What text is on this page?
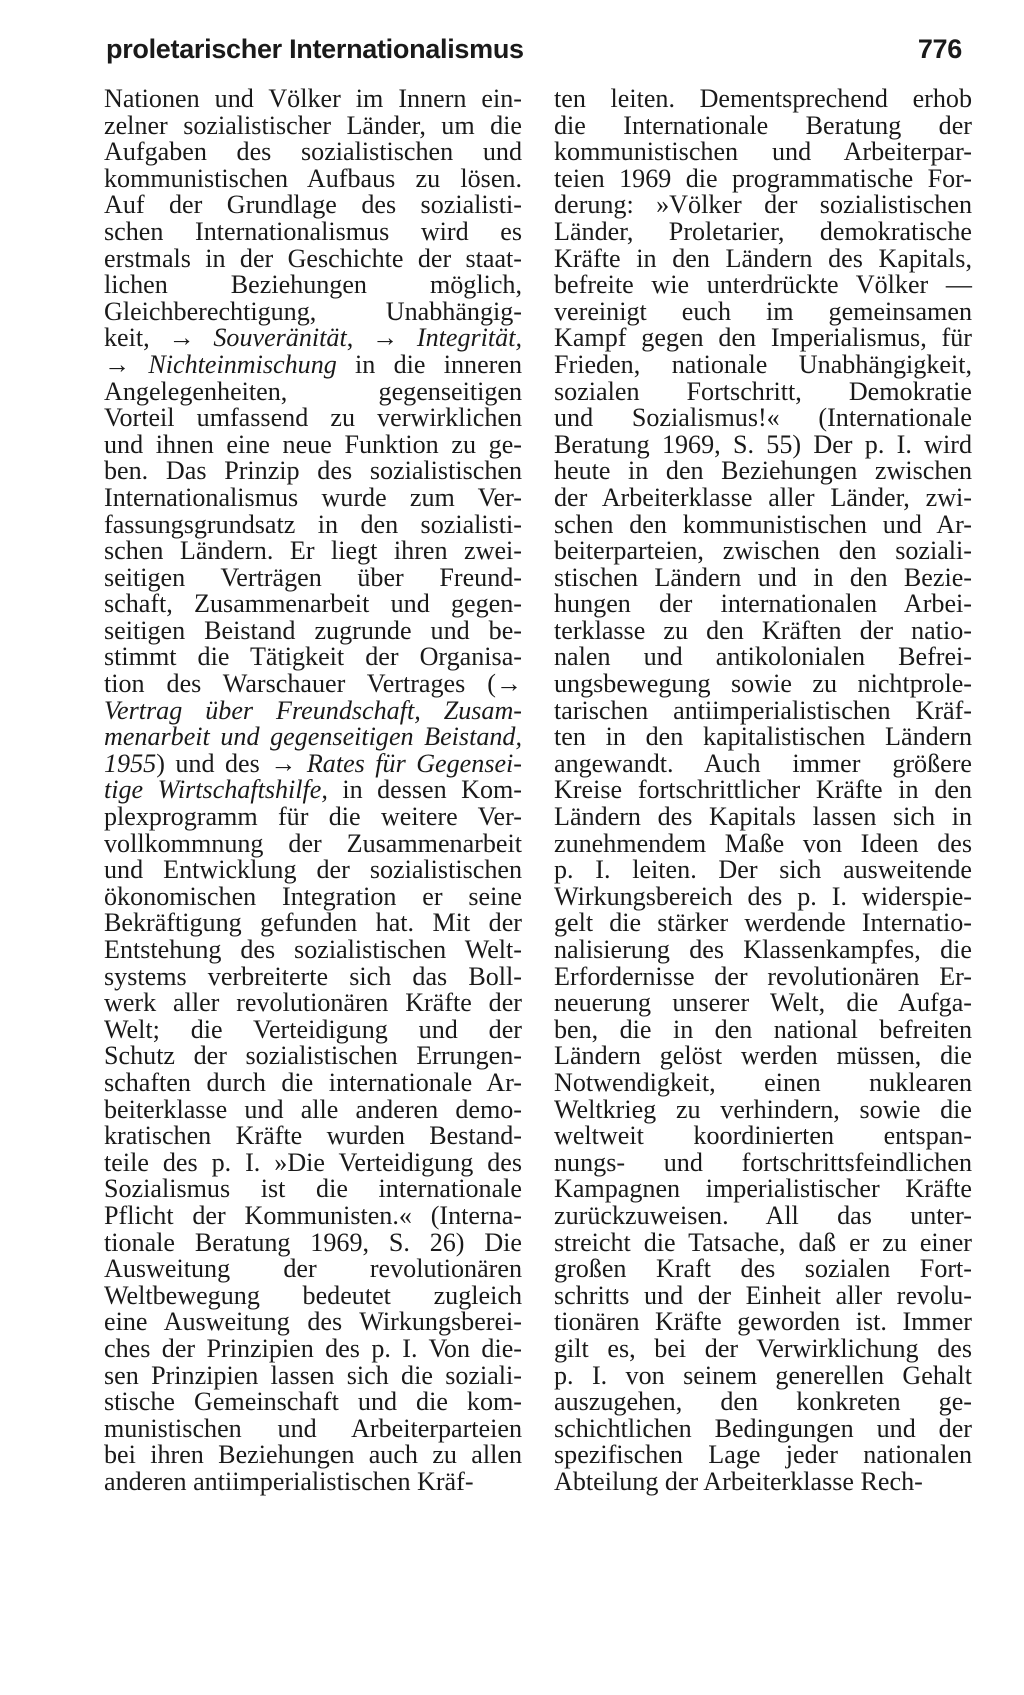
proletarischer Internationalismus	776
Nationen und Völker im Innern ein-
zelner sozialistischer Länder, um die
Aufgaben des sozialistischen und
kommunistischen Aufbaus zu lösen.
Auf der Grundlage des sozialisti-
schen Internationalismus wird es
erstmals in der Geschichte der staat-
lichen Beziehungen möglich,
Gleichberechtigung, Unabhängig-
keit, → Souveränität, → Integrität,
→ Nichteinmischung in die inneren
Angelegenheiten, gegenseitigen
Vorteil umfassend zu verwirklichen
und ihnen eine neue Funktion zu ge-
ben. Das Prinzip des sozialistischen
Internationalismus wurde zum Ver-
fassungsgrundsatz in den sozialisti-
schen Ländern. Er liegt ihren zwei-
seitigen Verträgen über Freund-
schaft, Zusammenarbeit und gegen-
seitigen Beistand zugrunde und be-
stimmt die Tätigkeit der Organisa-
tion des Warschauer Vertrages (→
Vertrag über Freundschaft, Zusam-
menarbeit und gegenseitigen Beistand,
1955) und des → Rates für Gegensei-
tige Wirtschaftshilfe, in dessen Kom-
plexprogramm für die weitere Ver-
vollkommnung der Zusammenarbeit
und Entwicklung der sozialistischen
ökonomischen Integration er seine
Bekräftigung gefunden hat. Mit der
Entstehung des sozialistischen Welt-
systems verbreiterte sich das Boll-
werk aller revolutionären Kräfte der
Welt; die Verteidigung und der
Schutz der sozialistischen Errungen-
schaften durch die internationale Ar-
beiterklasse und alle anderen demo-
kratischen Kräfte wurden Bestand-
teile des p. I. »Die Verteidigung des
Sozialismus ist die internationale
Pflicht der Kommunisten.« (Interna-
tionale Beratung 1969, S. 26) Die
Ausweitung der revolutionären
Weltbewegung bedeutet zugleich
eine Ausweitung des Wirkungsberei-
ches der Prinzipien des p. I. Von die-
sen Prinzipien lassen sich die soziali-
stische Gemeinschaft und die kom-
munistischen und Arbeiterparteien
bei ihren Beziehungen auch zu allen
anderen antiimperialistischen Kräf-
ten leiten. Dementsprechend erhob
die Internationale Beratung der
kommunistischen und Arbeiterpar-
teien 1969 die programmatische For-
derung: »Völker der sozialistischen
Länder, Proletarier, demokratische
Kräfte in den Ländern des Kapitals,
befreite wie unterdrückte Völker —
vereinigt euch im gemeinsamen
Kampf gegen den Imperialismus, für
Frieden, nationale Unabhängigkeit,
sozialen Fortschritt, Demokratie
und Sozialismus!« (Internationale
Beratung 1969, S. 55) Der p. I. wird
heute in den Beziehungen zwischen
der Arbeiterklasse aller Länder, zwi-
schen den kommunistischen und Ar-
beiterparteien, zwischen den soziali-
stischen Ländern und in den Bezie-
hungen der internationalen Arbei-
terklasse zu den Kräften der natio-
nalen und antikolonialen Befrei-
ungsbewegung sowie zu nichtprole-
tarischen antiimperialistischen Kräf-
ten in den kapitalistischen Ländern
angewandt. Auch immer größere
Kreise fortschrittlicher Kräfte in den
Ländern des Kapitals lassen sich in
zunehmendem Maße von Ideen des
p. I. leiten. Der sich ausweitende
Wirkungsbereich des p. I. widerspie-
gelt die stärker werdende Internatio-
nalisierung des Klassenkampfes, die
Erfordernisse der revolutionären Er-
neuerung unserer Welt, die Aufga-
ben, die in den national befreiten
Ländern gelöst werden müssen, die
Notwendigkeit, einen nuklearen
Weltkrieg zu verhindern, sowie die
weltweit koordinierten entspan-
nungs- und fortschrittsfeindlichen
Kampagnen imperialistischer Kräfte
zurückzuweisen. All das unter-
streicht die Tatsache, daß er zu einer
großen Kraft des sozialen Fort-
schritts und der Einheit aller revolu-
tionären Kräfte geworden ist. Immer
gilt es, bei der Verwirklichung des
p. I. von seinem generellen Gehalt
auszugehen, den konkreten ge-
schichtlichen Bedingungen und der
spezifischen Lage jeder nationalen
Abteilung der Arbeiterklasse Rech-
